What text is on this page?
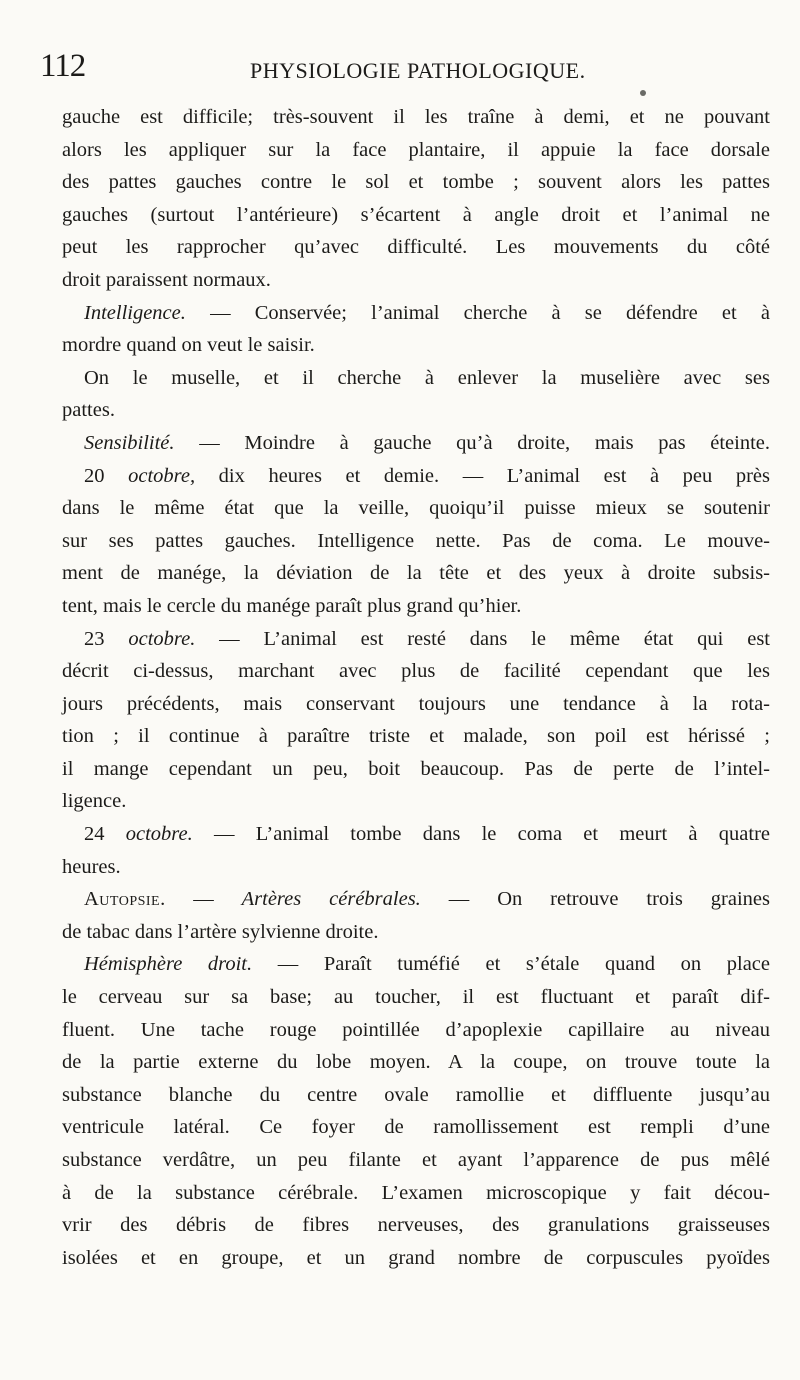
112	PHYSIOLOGIE PATHOLOGIQUE.
gauche est difficile; très-souvent il les traîne à demi, et ne pouvant
alors les appliquer sur la face plantaire, il appuie la face dorsale
des pattes gauches contre le sol et tombe ; souvent alors les pattes
gauches (surtout l’antérieure) s’écartent à angle droit et l’animal ne
peut les rapprocher qu’avec difficulté. Les mouvements du côté
droit paraissent normaux.
Intelligence. — Conservée; l’animal cherche à se défendre et à
mordre quand on veut le saisir.
On le muselle, et il cherche à enlever la muselière avec ses
pattes.
Sensibilité. — Moindre à gauche qu’à droite, mais pas éteinte.
20 octobre, dix heures et demie. — L’animal est à peu près
dans le même état que la veille, quoiqu’il puisse mieux se soutenir
sur ses pattes gauches. Intelligence nette. Pas de coma. Le mouve-
ment de manége, la déviation de la tête et des yeux à droite subsis-
tent, mais le cercle du manége paraît plus grand qu’hier.
23 octobre. — L’animal est resté dans le même état qui est
décrit ci-dessus, marchant avec plus de facilité cependant que les
jours précédents, mais conservant toujours une tendance à la rota-
tion ; il continue à paraître triste et malade, son poil est hérissé ;
il mange cependant un peu, boit beaucoup. Pas de perte de l’intel-
ligence.
24 octobre. — L’animal tombe dans le coma et meurt à quatre
heures.
Autopsie. — Artères cérébrales. — On retrouve trois graines
de tabac dans l’artère sylvienne droite.
Hémisphère droit. — Paraît tuméfié et s’étale quand on place
le cerveau sur sa base; au toucher, il est fluctuant et paraît dif-
fluent. Une tache rouge pointillée d’apoplexie capillaire au niveau
de la partie externe du lobe moyen. A la coupe, on trouve toute la
substance blanche du centre ovale ramollie et diffluente jusqu’au
ventricule latéral. Ce foyer de ramollissement est rempli d’une
substance verdâtre, un peu filante et ayant l’apparence de pus mêlé
à de la substance cérébrale. L’examen microscopique y fait décou-
vrir des débris de fibres nerveuses, des granulations graisseuses
isolées et en groupe, et un grand nombre de corpuscules pyoïdes
